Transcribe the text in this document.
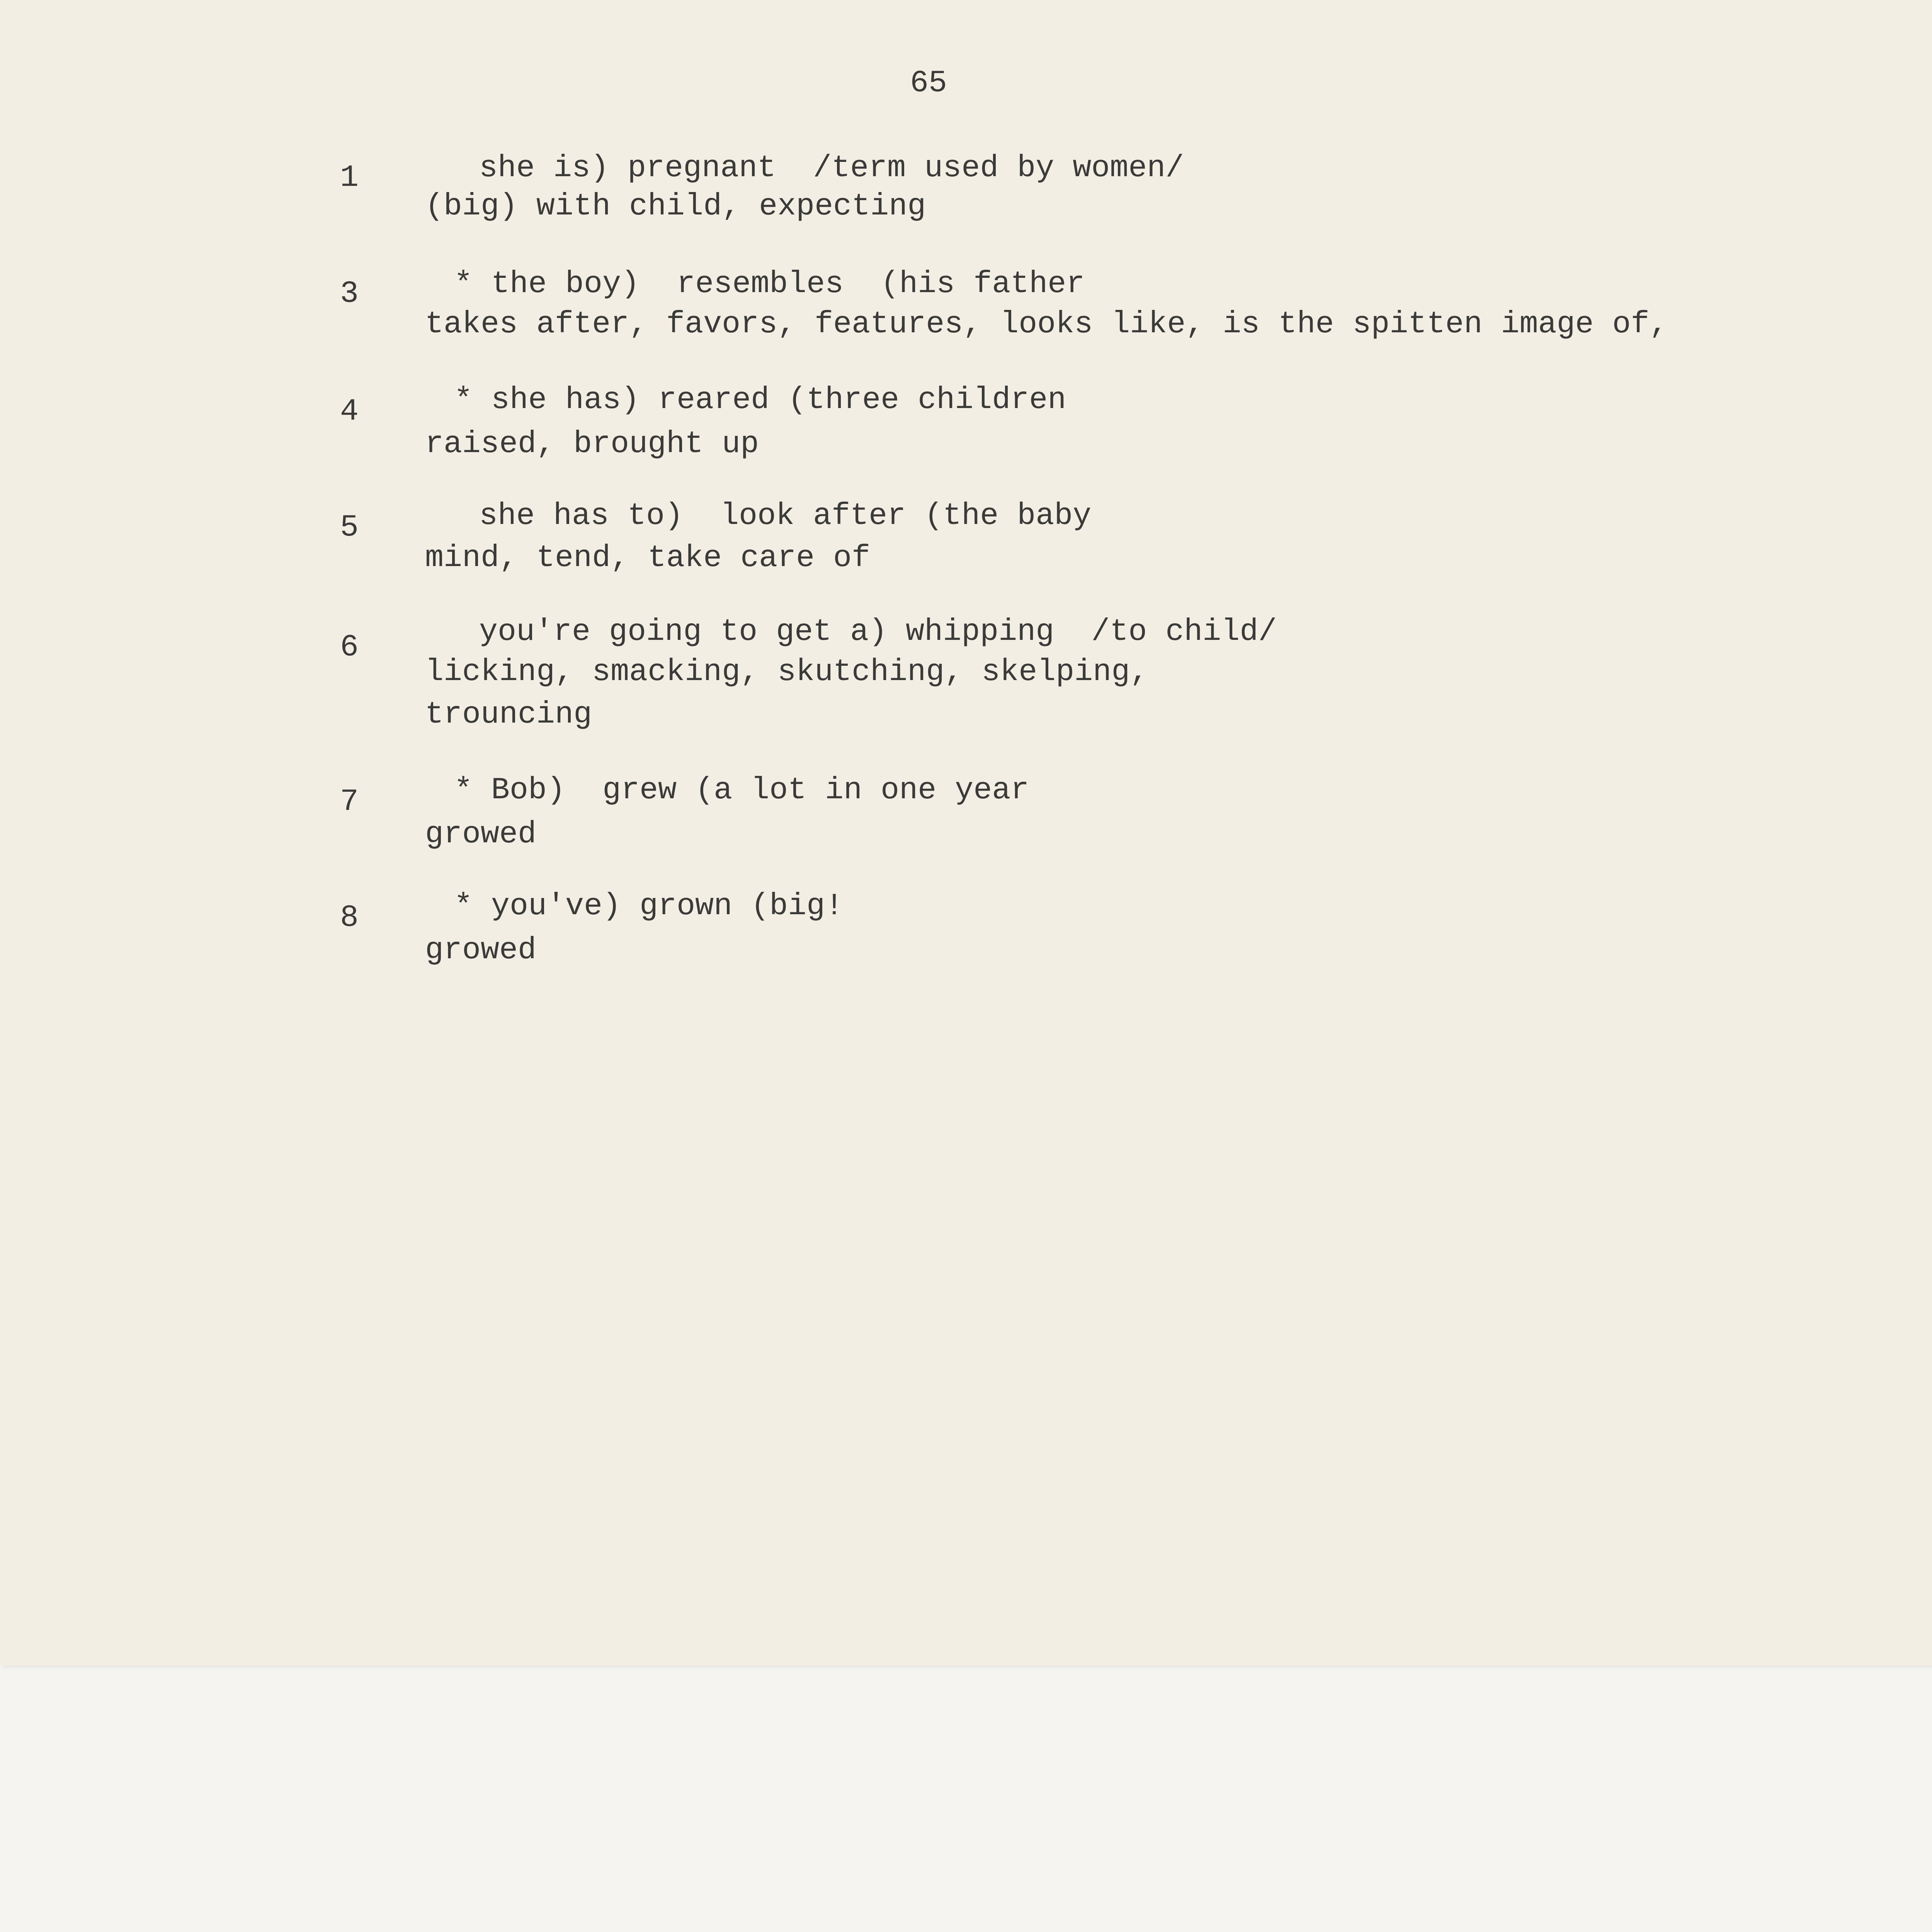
65
1	she is) pregnant  /term used by women/
(big) with child, expecting
3	* the boy)  resembles  (his father
takes after, favors, features, looks like, is the spitten image of,
4	* she has) reared (three children
raised, brought up
5	she has to)  look after (the baby
mind, tend, take care of
6	you're going to get a) whipping  /to child/
licking, smacking, skutching, skelping,
trouncing
7	* Bob)  grew (a lot in one year
growed
8	* you've) grown (big!
growed
